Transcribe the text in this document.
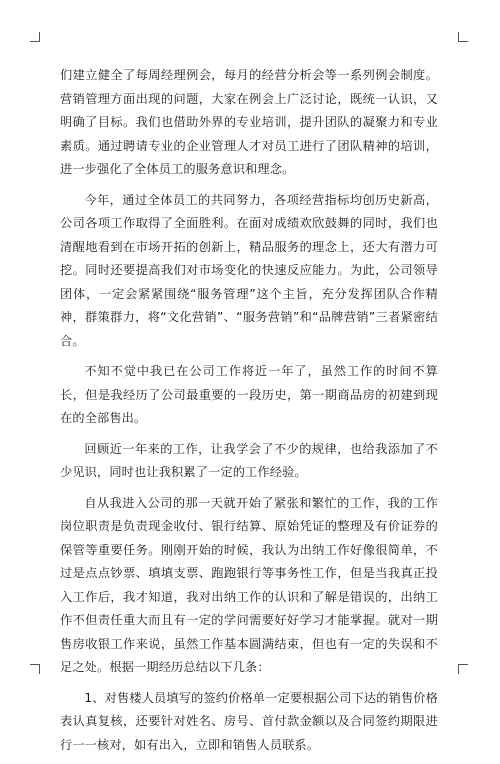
们建立健全了每周经理例会，每月的经营分析会等一系列例会制度。营销管理方面出现的问题，大家在例会上广泛讨论，既统一认识，又明确了目标。我们也借助外界的专业培训，提升团队的凝聚力和专业素质。通过聘请专业的企业管理人才对员工进行了团队精神的培训，进一步强化了全体员工的服务意识和理念。

今年，通过全体员工的共同努力，各项经营指标均创历史新高，公司各项工作取得了全面胜利。在面对成绩欢欣鼓舞的同时，我们也清醒地看到在市场开拓的创新上，精品服务的理念上，还大有潜力可挖。同时还要提高我们对市场变化的快速反应能力。为此，公司领导团体，一定会紧紧围绕“服务管理”这个主旨，充分发挥团队合作精神，群策群力，将“文化营销”、“服务营销”和“品牌营销”三者紧密结合。

不知不觉中我已在公司工作将近一年了，虽然工作的时间不算长，但是我经历了公司最重要的一段历史，第一期商品房的初建到现在的全部售出。

回顾近一年来的工作，让我学会了不少的规律，也给我添加了不少见识，同时也让我积累了一定的工作经验。

自从我进入公司的那一天就开始了紧张和繁忙的工作，我的工作岗位职责是负责现金收付、银行结算、原始凭证的整理及有价证券的保管等重要任务。刚刚开始的时候，我认为出纳工作好像很简单，不过是点点钞票、填填支票、跑跑银行等事务性工作，但是当我真正投入工作后，我才知道，我对出纳工作的认识和了解是错误的，出纳工作不但责任重大而且有一定的学问需要好好学习才能掌握。就对一期售房收银工作来说，虽然工作基本圆满结束，但也有一定的失误和不足之处。根据一期经历总结以下几条：

1、对售楼人员填写的签约价格单一定要根据公司下达的销售价格表认真复核，还要针对姓名、房号、首付款金额以及合同签约期限进行一一核对，如有出入，立即和销售人员联系。
